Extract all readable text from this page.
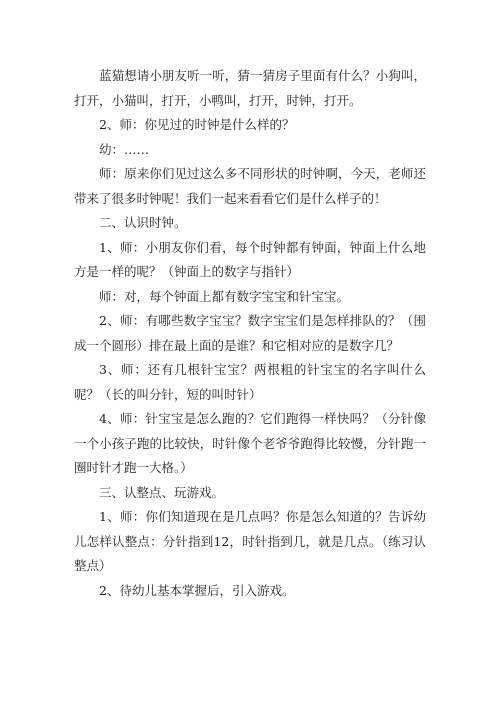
蓝猫想请小朋友听一听，猜一猜房子里面有什么？小狗叫，打开，小猫叫，打开，小鸭叫，打开，时钟，打开。

2、师：你见过的时钟是什么样的？

幼：……

师：原来你们见过这么多不同形状的时钟啊，今天，老师还带来了很多时钟呢！我们一起来看看它们是什么样子的！

二、认识时钟。

1、师：小朋友你们看，每个时钟都有钟面，钟面上什么地方是一样的呢？（钟面上的数字与指针）

师：对，每个钟面上都有数字宝宝和针宝宝。

2、师：有哪些数字宝宝？数字宝宝们是怎样排队的？（围成一个圆形）排在最上面的是谁？和它相对应的是数字几？

3、师：还有几根针宝宝？两根粗的针宝宝的名字叫什么呢？（长的叫分针，短的叫时针）

4、师：针宝宝是怎么跑的？它们跑得一样快吗？（分针像一个小孩子跑的比较快，时针像个老爷爷跑得比较慢，分针跑一圈时针才跑一大格。）

三、认整点、玩游戏。

1、师：你们知道现在是几点吗？你是怎么知道的？告诉幼儿怎样认整点：分针指到12，时针指到几，就是几点。（练习认整点）

2、待幼儿基本掌握后，引入游戏。
